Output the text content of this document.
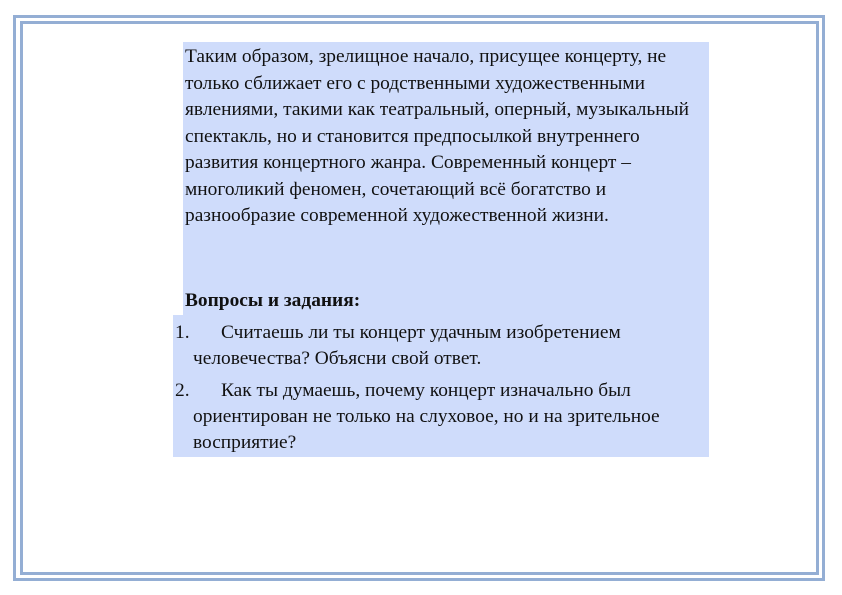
Таким образом, зрелищное начало, присущее концерту, не только сближает его с родственными художественными явлениями, такими как театральный, оперный, музыкальный спектакль, но и становится предпосылкой внутреннего развития концертного жанра. Современный концерт – многоликий феномен, сочетающий всё богатство и разнообразие современной художественной жизни.

Вопросы и задания:

1.	Считаешь ли ты концерт удачным изобретением человечества? Объясни свой ответ.
2.	Как ты думаешь, почему концерт изначально был ориентирован не только на слуховое, но и на зрительное восприятие?
